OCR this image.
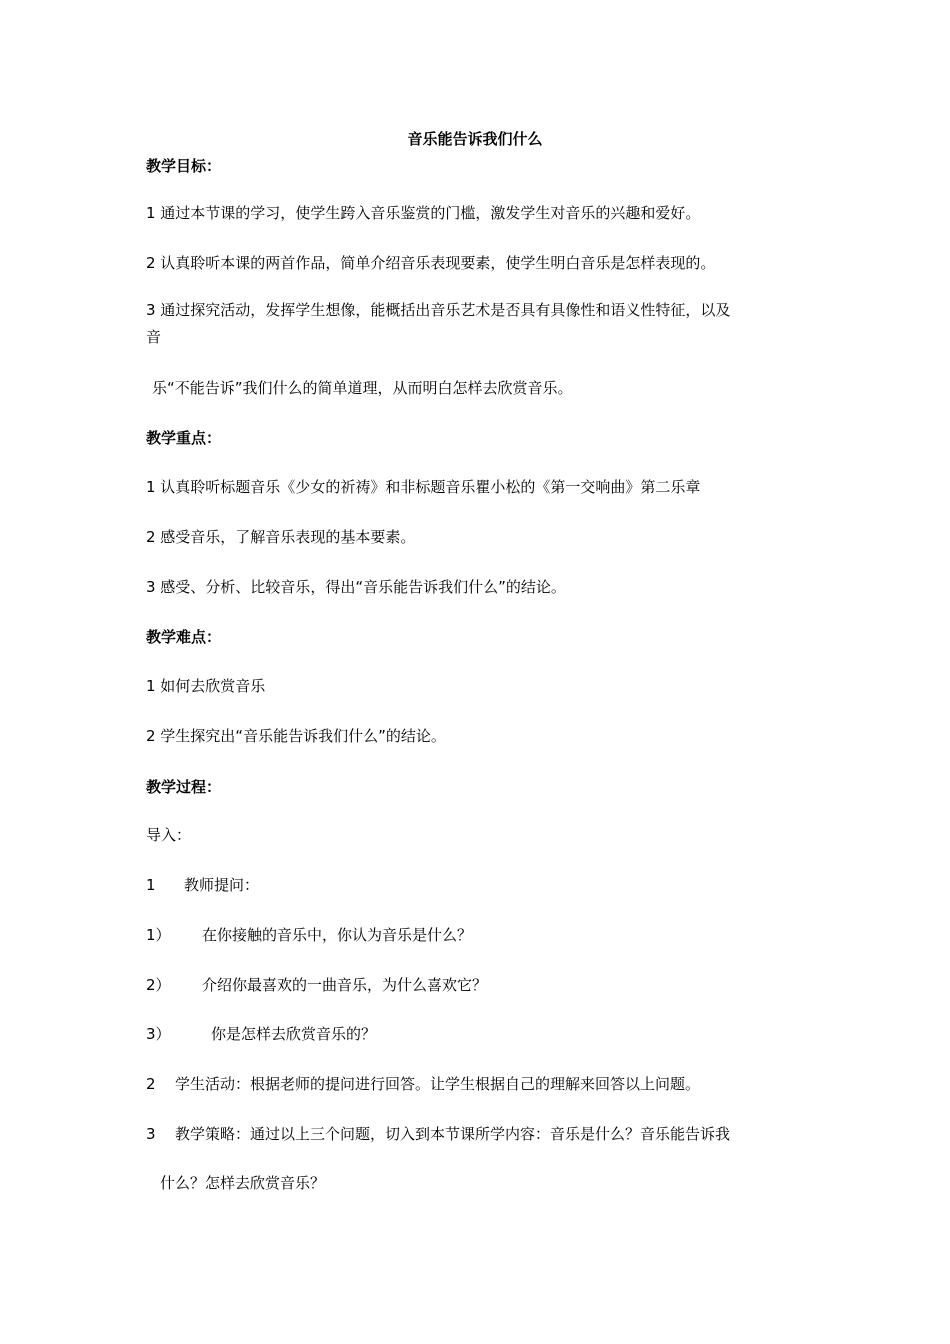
音乐能告诉我们什么
教学目标：
1 通过本节课的学习，使学生跨入音乐鉴赏的门槛，激发学生对音乐的兴趣和爱好。
2 认真聆听本课的两首作品，简单介绍音乐表现要素，使学生明白音乐是怎样表现的。
3 通过探究活动，发挥学生想像，能概括出音乐艺术是否具有具像性和语义性特征，以及
音
乐“不能告诉”我们什么的简单道理，从而明白怎样去欣赏音乐。
教学重点：
1 认真聆听标题音乐《少女的祈祷》和非标题音乐瞿小松的《第一交响曲》第二乐章
2 感受音乐，了解音乐表现的基本要素。
3 感受、分析、比较音乐，得出“音乐能告诉我们什么”的结论。
教学难点：
1 如何去欣赏音乐
2 学生探究出“音乐能告诉我们什么”的结论。
教学过程：
导入：
1 教师提问：
1） 在你接触的音乐中，你认为音乐是什么？
2） 介绍你最喜欢的一曲音乐，为什么喜欢它？
3）	你是怎样去欣赏音乐的？
2 学生活动：根据老师的提问进行回答。让学生根据自己的理解来回答以上问题。
3 教学策略：通过以上三个问题，切入到本节课所学内容：音乐是什么？音乐能告诉我
什么？怎样去欣赏音乐？
